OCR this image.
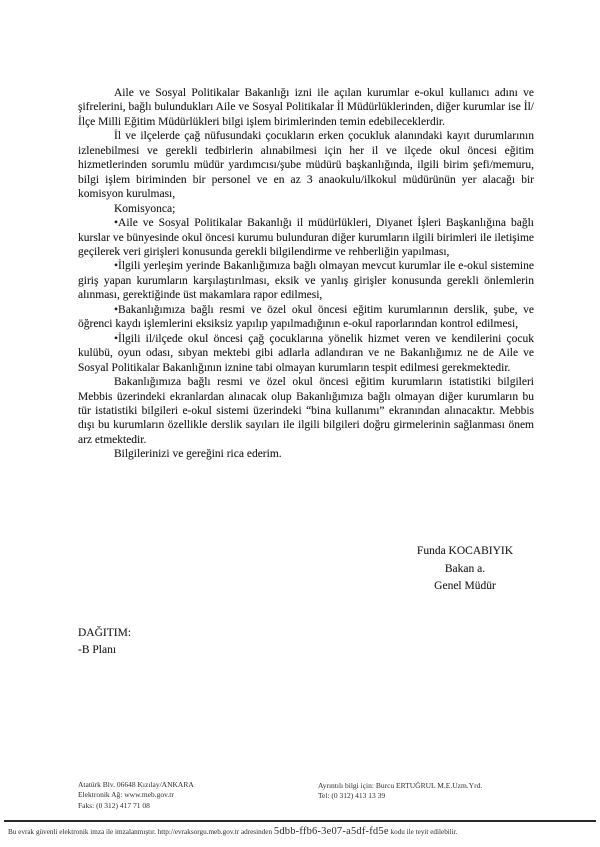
Aile ve Sosyal Politikalar Bakanlığı izni ile açılan kurumlar e-okul kullanıcı adını ve şifrelerini, bağlı bulundukları Aile ve Sosyal Politikalar İl Müdürlüklerinden, diğer kurumlar ise İl/İlçe Milli Eğitim Müdürlükleri bilgi işlem birimlerinden temin edebileceklerdir.

İl ve ilçelerde çağ nüfusundaki çocukların erken çocukluk alanındaki kayıt durumlarının izlenebilmesi ve gerekli tedbirlerin alınabilmesi için her il ve ilçede okul öncesi eğitim hizmetlerinden sorumlu müdür yardımcısı/şube müdürü başkanlığında, ilgili birim şefi/memuru, bilgi işlem biriminden bir personel ve en az 3 anaokulu/ilkokul müdürünün yer alacağı bir komisyon kurulması,

Komisyonca;

•Aile ve Sosyal Politikalar Bakanlığı il müdürlükleri, Diyanet İşleri Başkanlığına bağlı kurslar ve bünyesinde okul öncesi kurumu bulunduran diğer kurumların ilgili birimleri ile iletişime geçilerek veri girişleri konusunda gerekli bilgilendirme ve rehberliğin yapılması,

•İlgili yerleşim yerinde Bakanlığımıza bağlı olmayan mevcut kurumlar ile e-okul sistemine giriş yapan kurumların karşılaştırılması, eksik ve yanlış girişler konusunda gerekli önlemlerin alınması, gerektiğinde üst makamlara rapor edilmesi,

•Bakanlığımıza bağlı resmi ve özel okul öncesi eğitim kurumlarının derslik, şube, ve öğrenci kaydı işlemlerini eksiksiz yapılıp yapılmadığının e-okul raporlarından kontrol edilmesi,

•İlgili il/ilçede okul öncesi çağ çocuklarına yönelik hizmet veren ve kendilerini çocuk kulübü, oyun odası, sıbyan mektebi gibi adlarla adlandıran ve ne Bakanlığımız ne de Aile ve Sosyal Politikalar Bakanlığının iznine tabi olmayan kurumların tespit edilmesi gerekmektedir.

Bakanlığımıza bağlı resmi ve özel okul öncesi eğitim kurumların istatistiki bilgileri Mebbis üzerindeki ekranlardan alınacak olup Bakanlığımıza bağlı olmayan diğer kurumların bu tür istatistiki bilgileri e-okul sistemi üzerindeki “bina kullanımı” ekranından alınacaktır. Mebbis dışı bu kurumların özellikle derslik sayıları ile ilgili bilgileri doğru girmelerinin sağlanması önem arz etmektedir.

Bilgilerinizi ve gereğini rica ederim.

Funda KOCABIYIK
Bakan a.
Genel Müdür
DAĞITIM:
-B Planı
Atatürk Blv. 06648 Kızılay/ANKARA
Elektronik Ağ: www.meb.gov.tr
Faks: (0 312) 417 71 08
Ayrıntılı bilgi için: Burcu ERTUĞRUL M.E.Uzm.Yrd.
Tel: (0 312) 413 13 39
Bu evrak güvenli elektronik imza ile imzalanmıştır. http://evraksorgu.meb.gov.tr adresinden 5dbb-ffb6-3e07-a5df-fd5e kodu ile teyit edilebilir.
